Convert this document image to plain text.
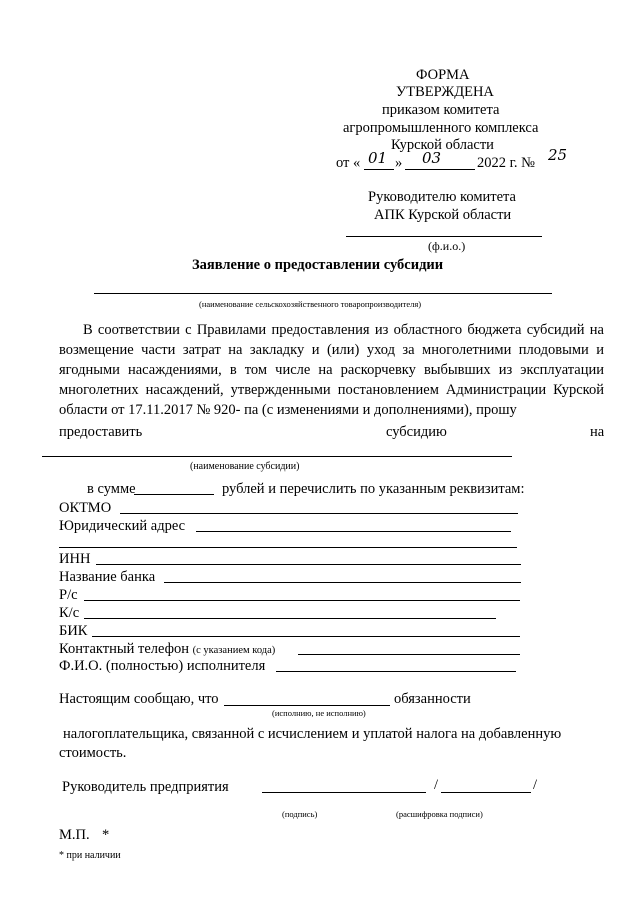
ФОРМА
УТВЕРЖДЕНА
приказом комитета
агропромышленного комплекса
Курской области
от « 01 » 03 2022 г. № 25
Руководителю комитета
АПК Курской области
(ф.и.о.)
Заявление о предоставлении субсидии
(наименование сельскохозяйственного товаропроизводителя)
В соответствии с Правилами предоставления из областного бюджета субсидий на возмещение части затрат на закладку и (или) уход за многолетними плодовыми и ягодными насаждениями, в том числе на раскорчевку выбывших из эксплуатации многолетних насаждений, утвержденными постановлением Администрации Курской области от 17.11.2017 № 920- па (с изменениями и дополнениями), прошу
предоставить	субсидию	на
(наименование субсидии)
в сумме	рублей и перечислить по указанным реквизитам:
ОКТМО
Юридический адрес
ИНН
Название банка
Р/с
К/с
БИК
Контактный телефон (с указанием кода)
Ф.И.О. (полностью) исполнителя
Настоящим сообщаю, что	обязанности
(исполнию, не исполнию)
налогоплательщика, связанной с исчислением и уплатой налога на добавленную стоимость.
Руководитель предприятия	/	/
(подпись)	(расшифровка подписи)
М.П. *
* при наличии
